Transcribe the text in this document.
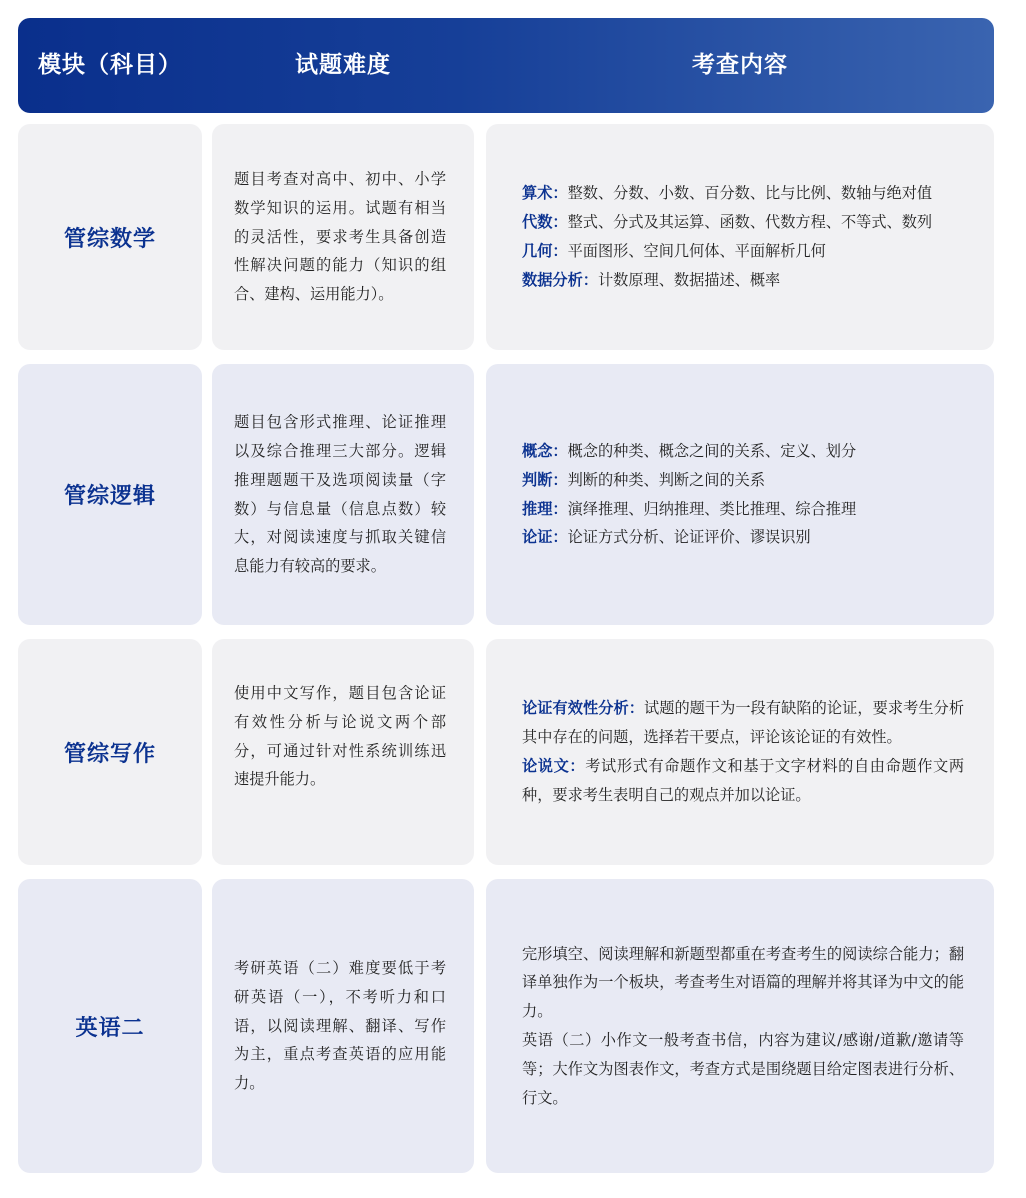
模块（科目）	试题难度	考查内容
管综数学

题目考查对高中、初中、小学数学知识的运用。试题有相当的灵活性，要求考生具备创造性解决问题的能力（知识的组合、建构、运用能力）。

算术：整数、分数、小数、百分数、比与比例、数轴与绝对值

代数：整式、分式及其运算、函数、代数方程、不等式、数列

几何：平面图形、空间几何体、平面解析几何

数据分析：计数原理、数据描述、概率

管综逻辑

题目包含形式推理、论证推理以及综合推理三大部分。逻辑推理题题干及选项阅读量（字数）与信息量（信息点数）较大，对阅读速度与抓取关键信息能力有较高的要求。

概念：概念的种类、概念之间的关系、定义、划分

判断：判断的种类、判断之间的关系

推理：演绎推理、归纳推理、类比推理、综合推理

论证：论证方式分析、论证评价、谬误识别

管综写作

使用中文写作，题目包含论证有效性分析与论说文两个部分，可通过针对性系统训练迅速提升能力。

论证有效性分析：试题的题干为一段有缺陷的论证，要求考生分析其中存在的问题，选择若干要点，评论该论证的有效性。

论说文：考试形式有命题作文和基于文字材料的自由命题作文两种，要求考生表明自己的观点并加以论证。

英语二

考研英语（二）难度要低于考研英语（一），不考听力和口语，以阅读理解、翻译、写作为主，重点考查英语的应用能力。

完形填空、阅读理解和新题型都重在考查考生的阅读综合能力；翻译单独作为一个板块，考查考生对语篇的理解并将其译为中文的能力。

英语（二）小作文一般考查书信，内容为建议/感谢/道歉/邀请等等；大作文为图表作文，考查方式是围绕题目给定图表进行分析、行文。
